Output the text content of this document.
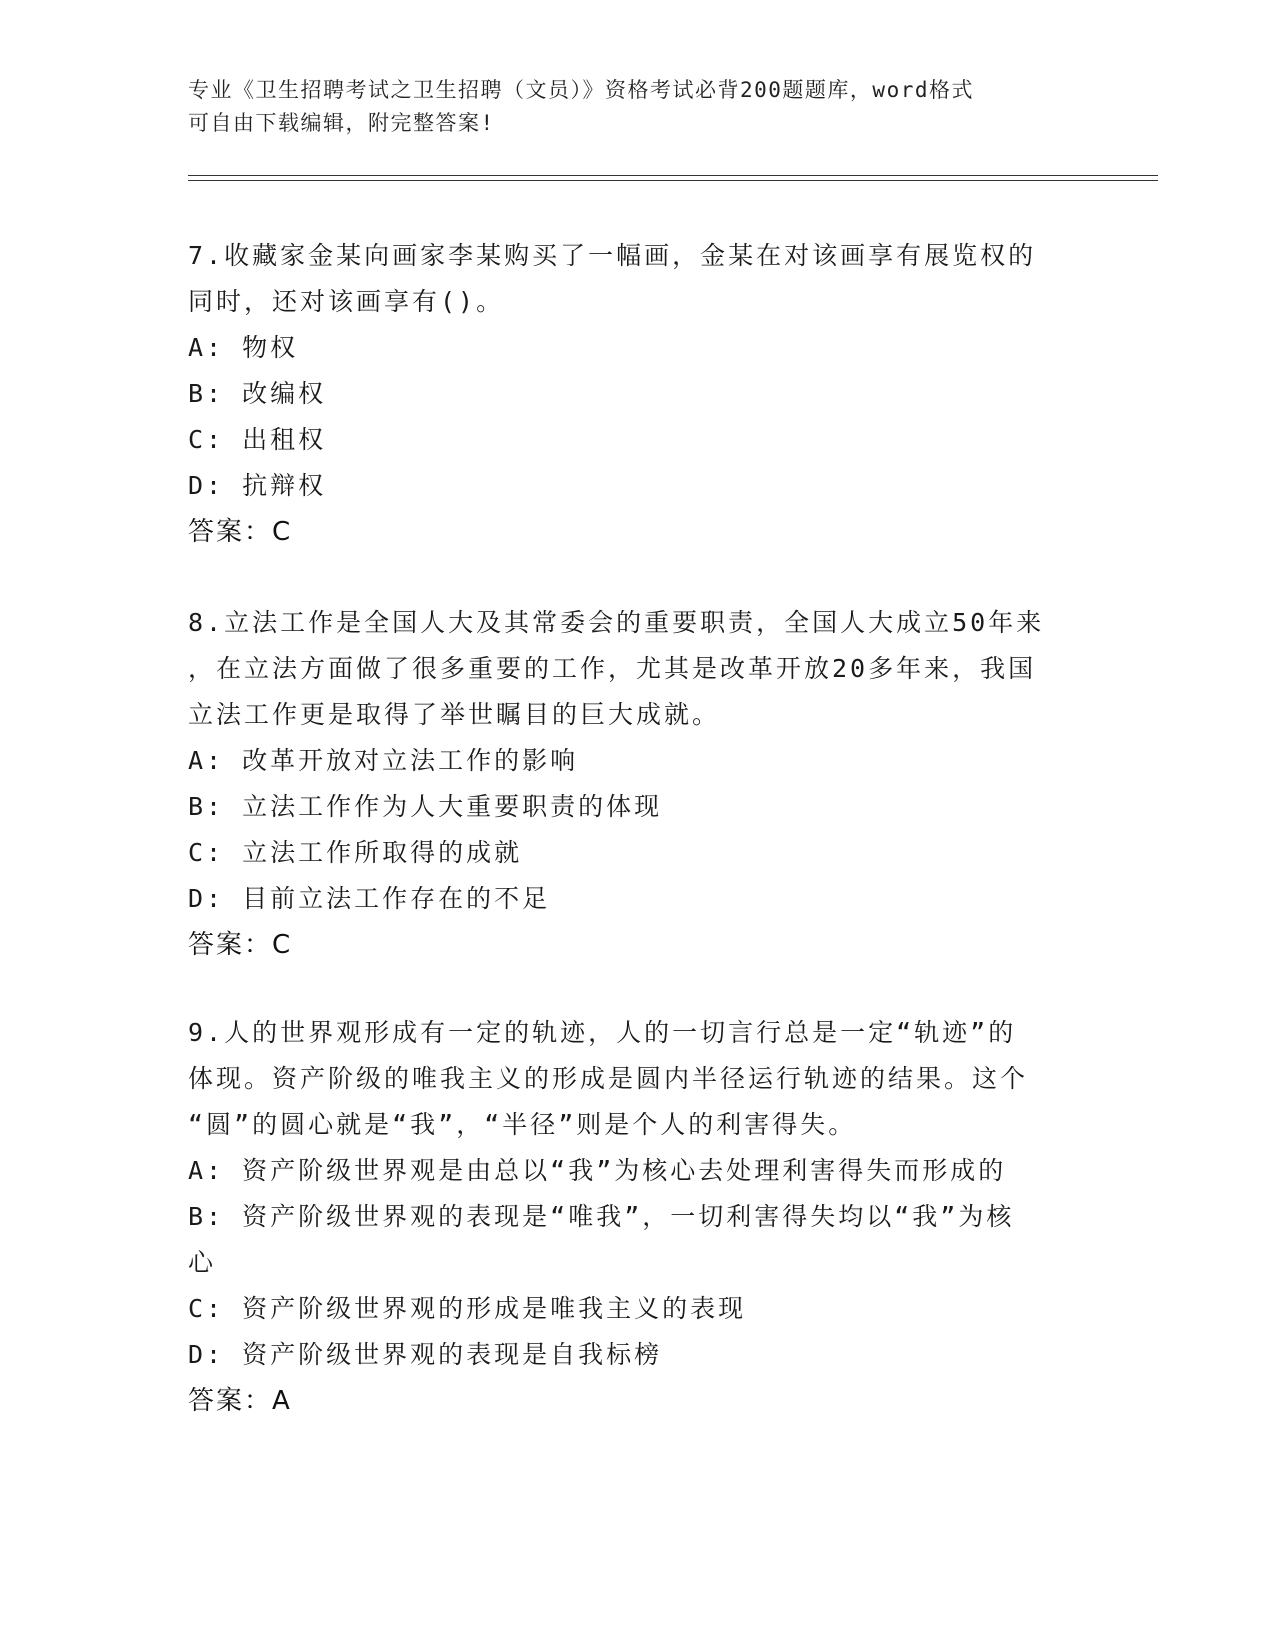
专业《卫生招聘考试之卫生招聘（文员）》资格考试必背200题题库，word格式
可自由下载编辑，附完整答案!
7.收藏家金某向画家李某购买了一幅画，金某在对该画享有展览权的
同时，还对该画享有()。
A: 物权
B: 改编权
C: 出租权
D: 抗辩权
答案：C
8.立法工作是全国人大及其常委会的重要职责，全国人大成立50年来
，在立法方面做了很多重要的工作，尤其是改革开放20多年来，我国
立法工作更是取得了举世瞩目的巨大成就。
A: 改革开放对立法工作的影响
B: 立法工作作为人大重要职责的体现
C: 立法工作所取得的成就
D: 目前立法工作存在的不足
答案：C
9.人的世界观形成有一定的轨迹，人的一切言行总是一定“轨迹”的
体现。资产阶级的唯我主义的形成是圆内半径运行轨迹的结果。这个
“圆”的圆心就是“我”，“半径”则是个人的利害得失。
A: 资产阶级世界观是由总以“我”为核心去处理利害得失而形成的
B: 资产阶级世界观的表现是“唯我”，一切利害得失均以“我”为核
心
C: 资产阶级世界观的形成是唯我主义的表现
D: 资产阶级世界观的表现是自我标榜
答案：A
